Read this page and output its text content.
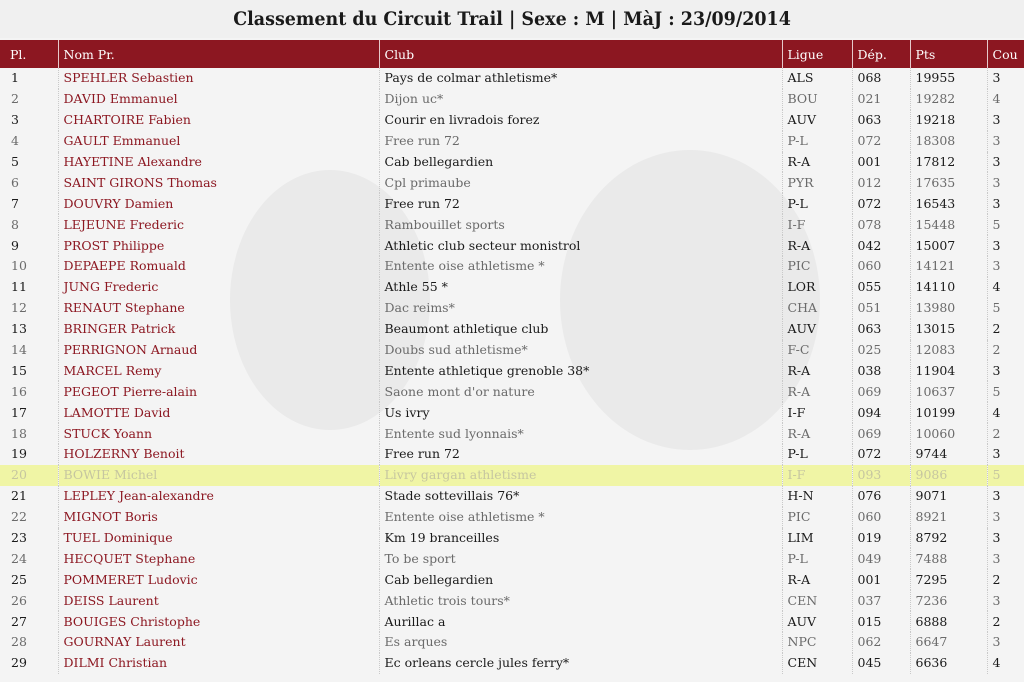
Classement du Circuit Trail | Sexe : M | MàJ : 23/09/2014
Pl.	Nom Pr.	Club	Ligue	Dép.	Pts	Cou
1	SPEHLER Sebastien	Pays de colmar athletisme*	ALS	068	19955	3
2	DAVID Emmanuel	Dijon uc*	BOU	021	19282	4
3	CHARTOIRE Fabien	Courir en livradois forez	AUV	063	19218	3
4	GAULT Emmanuel	Free run 72	P-L	072	18308	3
5	HAYETINE Alexandre	Cab bellegardien	R-A	001	17812	3
6	SAINT GIRONS Thomas	Cpl primaube	PYR	012	17635	3
7	DOUVRY Damien	Free run 72	P-L	072	16543	3
8	LEJEUNE Frederic	Rambouillet sports	I-F	078	15448	5
9	PROST Philippe	Athletic club secteur monistrol	R-A	042	15007	3
10	DEPAEPE Romuald	Entente oise athletisme *	PIC	060	14121	3
11	JUNG Frederic	Athle 55 *	LOR	055	14110	4
12	RENAUT Stephane	Dac reims*	CHA	051	13980	5
13	BRINGER Patrick	Beaumont athletique club	AUV	063	13015	2
14	PERRIGNON Arnaud	Doubs sud athletisme*	F-C	025	12083	2
15	MARCEL Remy	Entente athletique grenoble 38*	R-A	038	11904	3
16	PEGEOT Pierre-alain	Saone mont d'or nature	R-A	069	10637	5
17	LAMOTTE David	Us ivry	I-F	094	10199	4
18	STUCK Yoann	Entente sud lyonnais*	R-A	069	10060	2
19	HOLZERNY Benoit	Free run 72	P-L	072	9744	3
20	BOWIE Michel	Livry gargan athletisme	I-F	093	9086	5
21	LEPLEY Jean-alexandre	Stade sottevillais 76*	H-N	076	9071	3
22	MIGNOT Boris	Entente oise athletisme *	PIC	060	8921	3
23	TUEL Dominique	Km 19 branceilles	LIM	019	8792	3
24	HECQUET Stephane	To be sport	P-L	049	7488	3
25	POMMERET Ludovic	Cab bellegardien	R-A	001	7295	2
26	DEISS Laurent	Athletic trois tours*	CEN	037	7236	3
27	BOUIGES Christophe	Aurillac a	AUV	015	6888	2
28	GOURNAY Laurent	Es arques	NPC	062	6647	3
29	DILMI Christian	Ec orleans cercle jules ferry*	CEN	045	6636	4
